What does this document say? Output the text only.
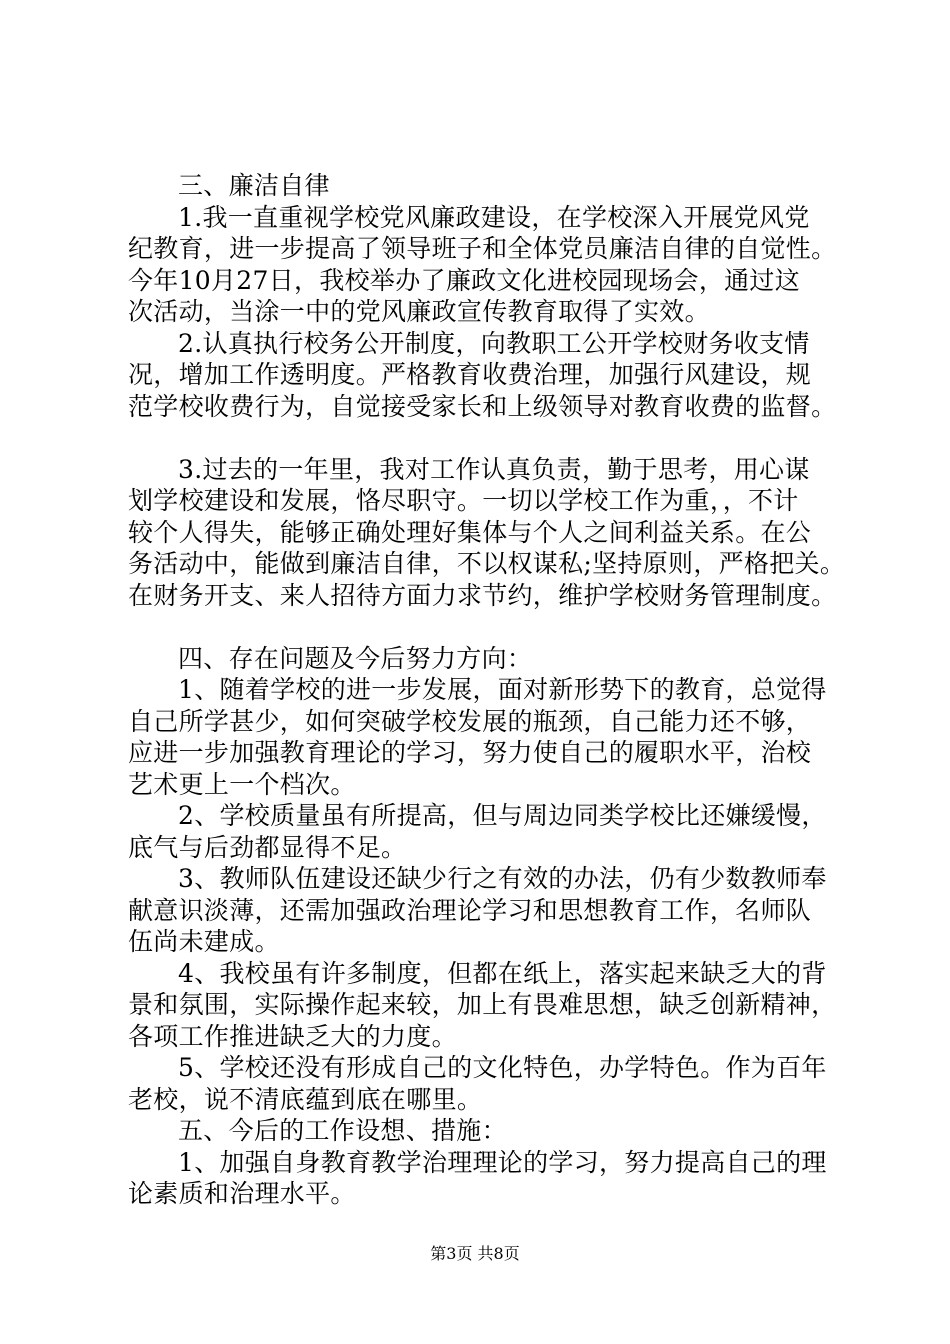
三、廉洁自律
1.我一直重视学校党风廉政建设，在学校深入开展党风党
纪教育，进一步提高了领导班子和全体党员廉洁自律的自觉性。
今年10月27日，我校举办了廉政文化进校园现场会，通过这
次活动，当涂一中的党风廉政宣传教育取得了实效。
2.认真执行校务公开制度，向教职工公开学校财务收支情
况，增加工作透明度。严格教育收费治理，加强行风建设，规
范学校收费行为，自觉接受家长和上级领导对教育收费的监督。
3.过去的一年里，我对工作认真负责，勤于思考，用心谋
划学校建设和发展，恪尽职守。一切以学校工作为重，，不计
较个人得失，能够正确处理好集体与个人之间利益关系。在公
务活动中，能做到廉洁自律，不以权谋私;坚持原则，严格把关。
在财务开支、来人招待方面力求节约，维护学校财务管理制度。
四、存在问题及今后努力方向：
1、随着学校的进一步发展，面对新形势下的教育，总觉得
自己所学甚少，如何突破学校发展的瓶颈，自己能力还不够，
应进一步加强教育理论的学习，努力使自己的履职水平，治校
艺术更上一个档次。
2、学校质量虽有所提高，但与周边同类学校比还嫌缓慢，
底气与后劲都显得不足。
3、教师队伍建设还缺少行之有效的办法，仍有少数教师奉
献意识淡薄，还需加强政治理论学习和思想教育工作，名师队
伍尚未建成。
4、我校虽有许多制度，但都在纸上，落实起来缺乏大的背
景和氛围，实际操作起来较，加上有畏难思想，缺乏创新精神，
各项工作推进缺乏大的力度。
5、学校还没有形成自己的文化特色，办学特色。作为百年
老校，说不清底蕴到底在哪里。
五、今后的工作设想、措施：
1、加强自身教育教学治理理论的学习，努力提高自己的理
论素质和治理水平。
第3页 共8页
